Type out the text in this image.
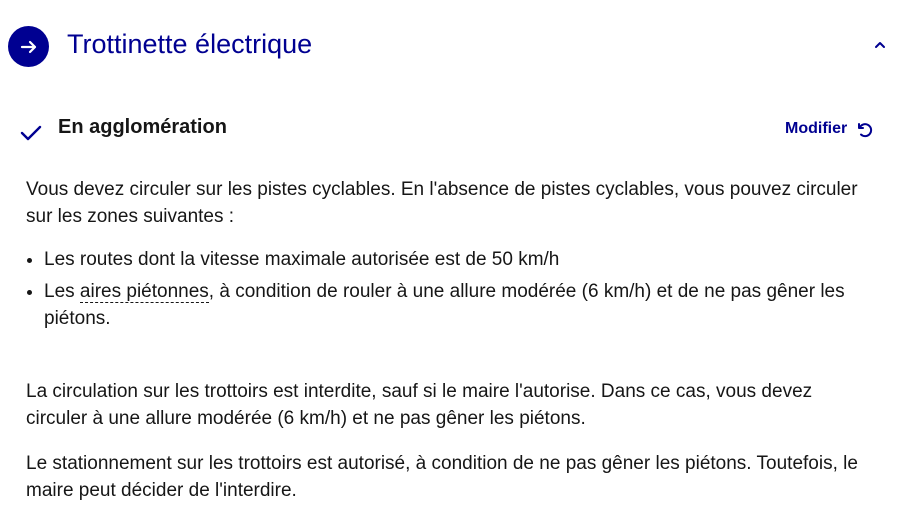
Trottinette électrique
En agglomération	Modifier

Vous devez circuler sur les pistes cyclables. En l'absence de pistes cyclables, vous pouvez circuler sur les zones suivantes :

• Les routes dont la vitesse maximale autorisée est de 50 km/h
• Les aires piétonnes, à condition de rouler à une allure modérée (6 km/h) et de ne pas gêner les piétons.

La circulation sur les trottoirs est interdite, sauf si le maire l'autorise. Dans ce cas, vous devez circuler à une allure modérée (6 km/h) et ne pas gêner les piétons.

Le stationnement sur les trottoirs est autorisé, à condition de ne pas gêner les piétons. Toutefois, le maire peut décider de l'interdire.
